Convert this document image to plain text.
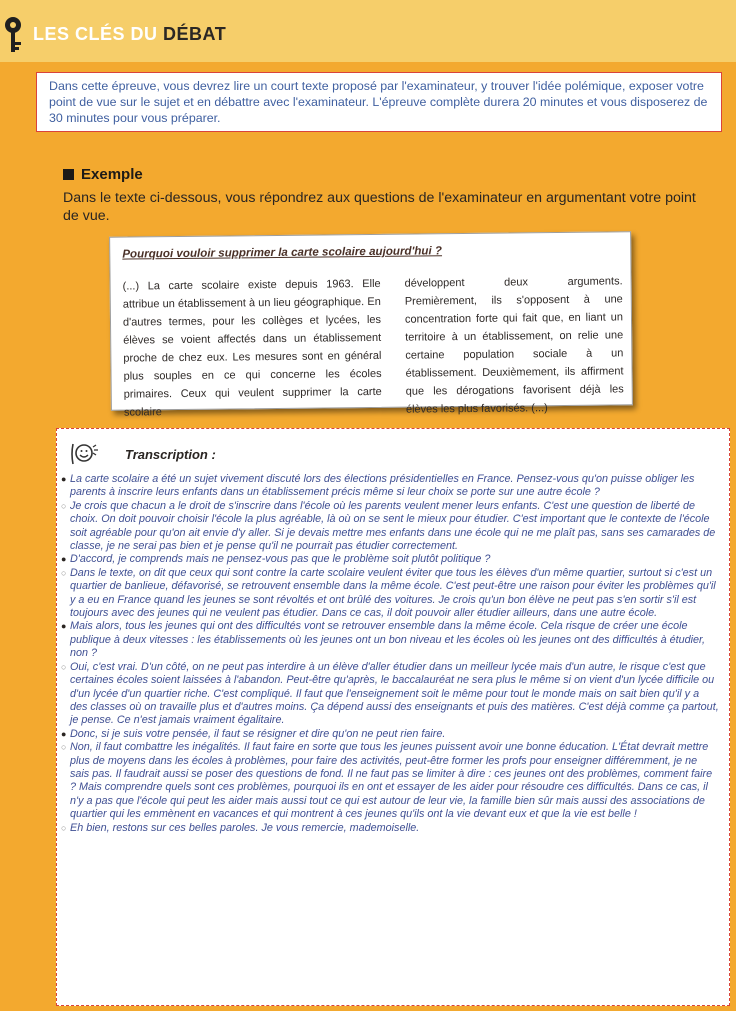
LES CLÉS DU DÉBAT
Dans cette épreuve, vous devrez lire un court texte proposé par l'examinateur, y trouver l'idée polémique, exposer votre point de vue sur le sujet et en débattre avec l'examinateur. L'épreuve complète durera 20 minutes et vous disposerez de 30 minutes pour vous préparer.
Exemple
Dans le texte ci-dessous, vous répondrez aux questions de l'examinateur en argumentant votre point de vue.
Pourquoi vouloir supprimer la carte scolaire aujourd'hui ?
(...) La carte scolaire existe depuis 1963. Elle attribue un établissement à un lieu géographique. En d'autres termes, pour les collèges et lycées, les élèves se voient affectés dans un établissement proche de chez eux. Les mesures sont en général plus souples en ce qui concerne les écoles primaires. Ceux qui veulent supprimer la carte scolaire
développent deux arguments. Premièrement, ils s'opposent à une concentration forte qui fait que, en liant un territoire à un établissement, on relie une certaine population sociale à un établissement. Deuxièmement, ils affirment que les dérogations favorisent déjà les élèves les plus favorisés. (...)
Transcription :
● La carte scolaire a été un sujet vivement discuté lors des élections présidentielles en France. Pensez-vous qu'on puisse obliger les parents à inscrire leurs enfants dans un établissement précis même si leur choix se porte sur une autre école ?
○ Je crois que chacun a le droit de s'inscrire dans l'école où les parents veulent mener leurs enfants. C'est une question de liberté de choix. On doit pouvoir choisir l'école la plus agréable, là où on se sent le mieux pour étudier. C'est important que le contexte de l'école soit agréable pour qu'on ait envie d'y aller. Si je devais mettre mes enfants dans une école qui ne me plaît pas, sans ses camarades de classe, je ne serai pas bien et je pense qu'il ne pourrait pas étudier correctement.
● D'accord, je comprends mais ne pensez-vous pas que le problème soit plutôt politique ?
○ Dans le texte, on dit que ceux qui sont contre la carte scolaire veulent éviter que tous les élèves d'un même quartier, surtout si c'est un quartier de banlieue, défavorisé, se retrouvent ensemble dans la même école. C'est peut-être une raison pour éviter les problèmes qu'il y a eu en France quand les jeunes se sont révoltés et ont brûlé des voitures. Je crois qu'un bon élève ne peut pas s'en sortir s'il est toujours avec des jeunes qui ne veulent pas étudier. Dans ce cas, il doit pouvoir aller étudier ailleurs, dans une autre école.
● Mais alors, tous les jeunes qui ont des difficultés vont se retrouver ensemble dans la même école. Cela risque de créer une école publique à deux vitesses : les établissements où les jeunes ont un bon niveau et les écoles où les jeunes ont des difficultés à étudier, non ?
○ Oui, c'est vrai. D'un côté, on ne peut pas interdire à un élève d'aller étudier dans un meilleur lycée mais d'un autre, le risque c'est que certaines écoles soient laissées à l'abandon. Peut-être qu'après, le baccalauréat ne sera plus le même si on vient d'un lycée difficile ou d'un lycée d'un quartier riche. C'est compliqué. Il faut que l'enseignement soit le même pour tout le monde mais on sait bien qu'il y a des classes où on travaille plus et d'autres moins. Ça dépend aussi des enseignants et puis des matières. C'est déjà comme ça partout, je pense. Ce n'est jamais vraiment égalitaire.
● Donc, si je suis votre pensée, il faut se résigner et dire qu'on ne peut rien faire.
○ Non, il faut combattre les inégalités. Il faut faire en sorte que tous les jeunes puissent avoir une bonne éducation. L'État devrait mettre plus de moyens dans les écoles à problèmes, pour faire des activités, peut-être former les profs pour enseigner différemment, je ne sais pas. Il faudrait aussi se poser des questions de fond. Il ne faut pas se limiter à dire : ces jeunes ont des problèmes, comment faire ? Mais comprendre quels sont ces problèmes, pourquoi ils en ont et essayer de les aider pour résoudre ces difficultés. Dans ce cas, il n'y a pas que l'école qui peut les aider mais aussi tout ce qui est autour de leur vie, la famille bien sûr mais aussi des associations de quartier qui les emmènent en vacances et qui montrent à ces jeunes qu'ils ont la vie devant eux et que la vie est belle !
○ Eh bien, restons sur ces belles paroles. Je vous remercie, mademoiselle.
